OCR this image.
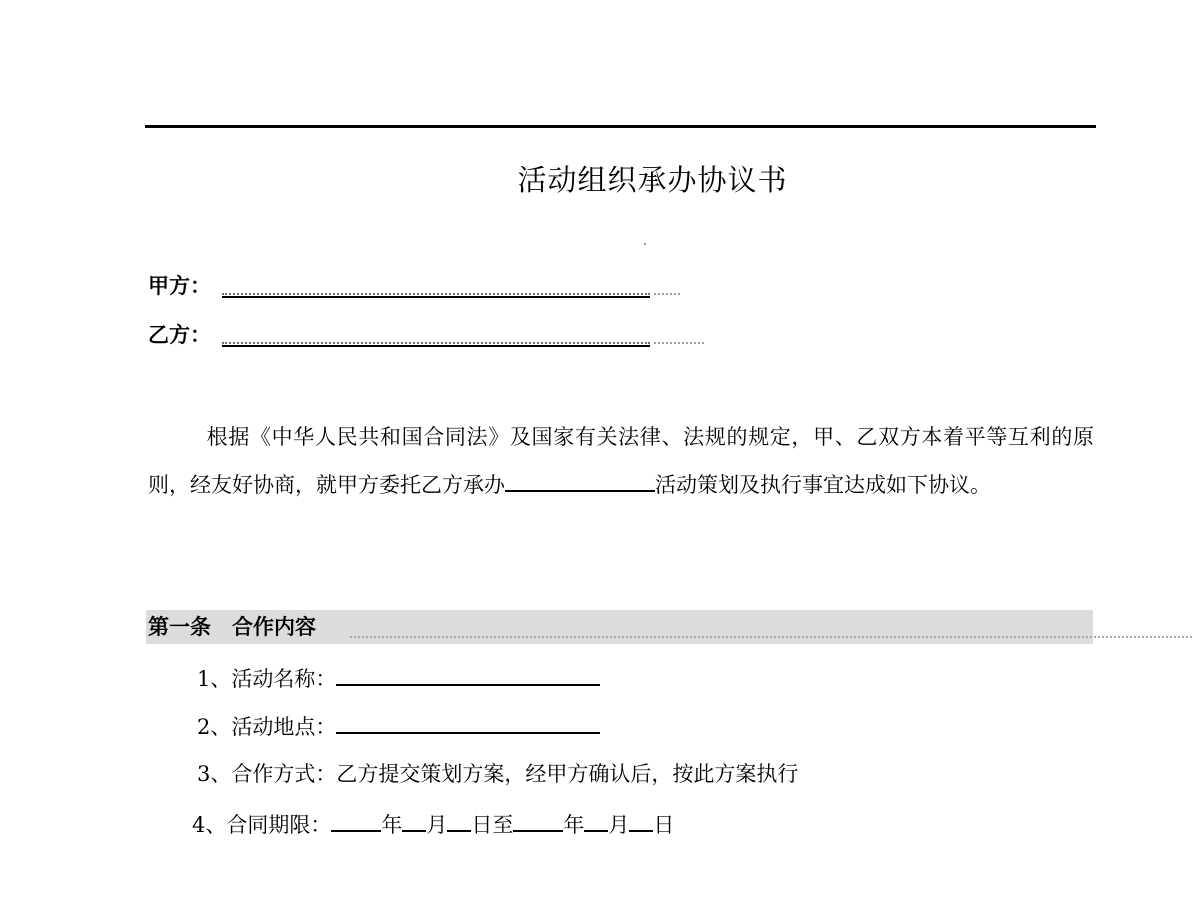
活动组织承办协议书
甲方：
乙方：
根据《中华人民共和国合同法》及国家有关法律、法规的规定，甲、乙双方本着平等互利的原则，经友好协商，就甲方委托乙方承办	活动策划及执行事宜达成如下协议。
第一条　合作内容
1、活动名称：
2、活动地点：
3、合作方式：乙方提交策划方案，经甲方确认后，按此方案执行
4、合同期限： 年 月 日至 年 月 日
